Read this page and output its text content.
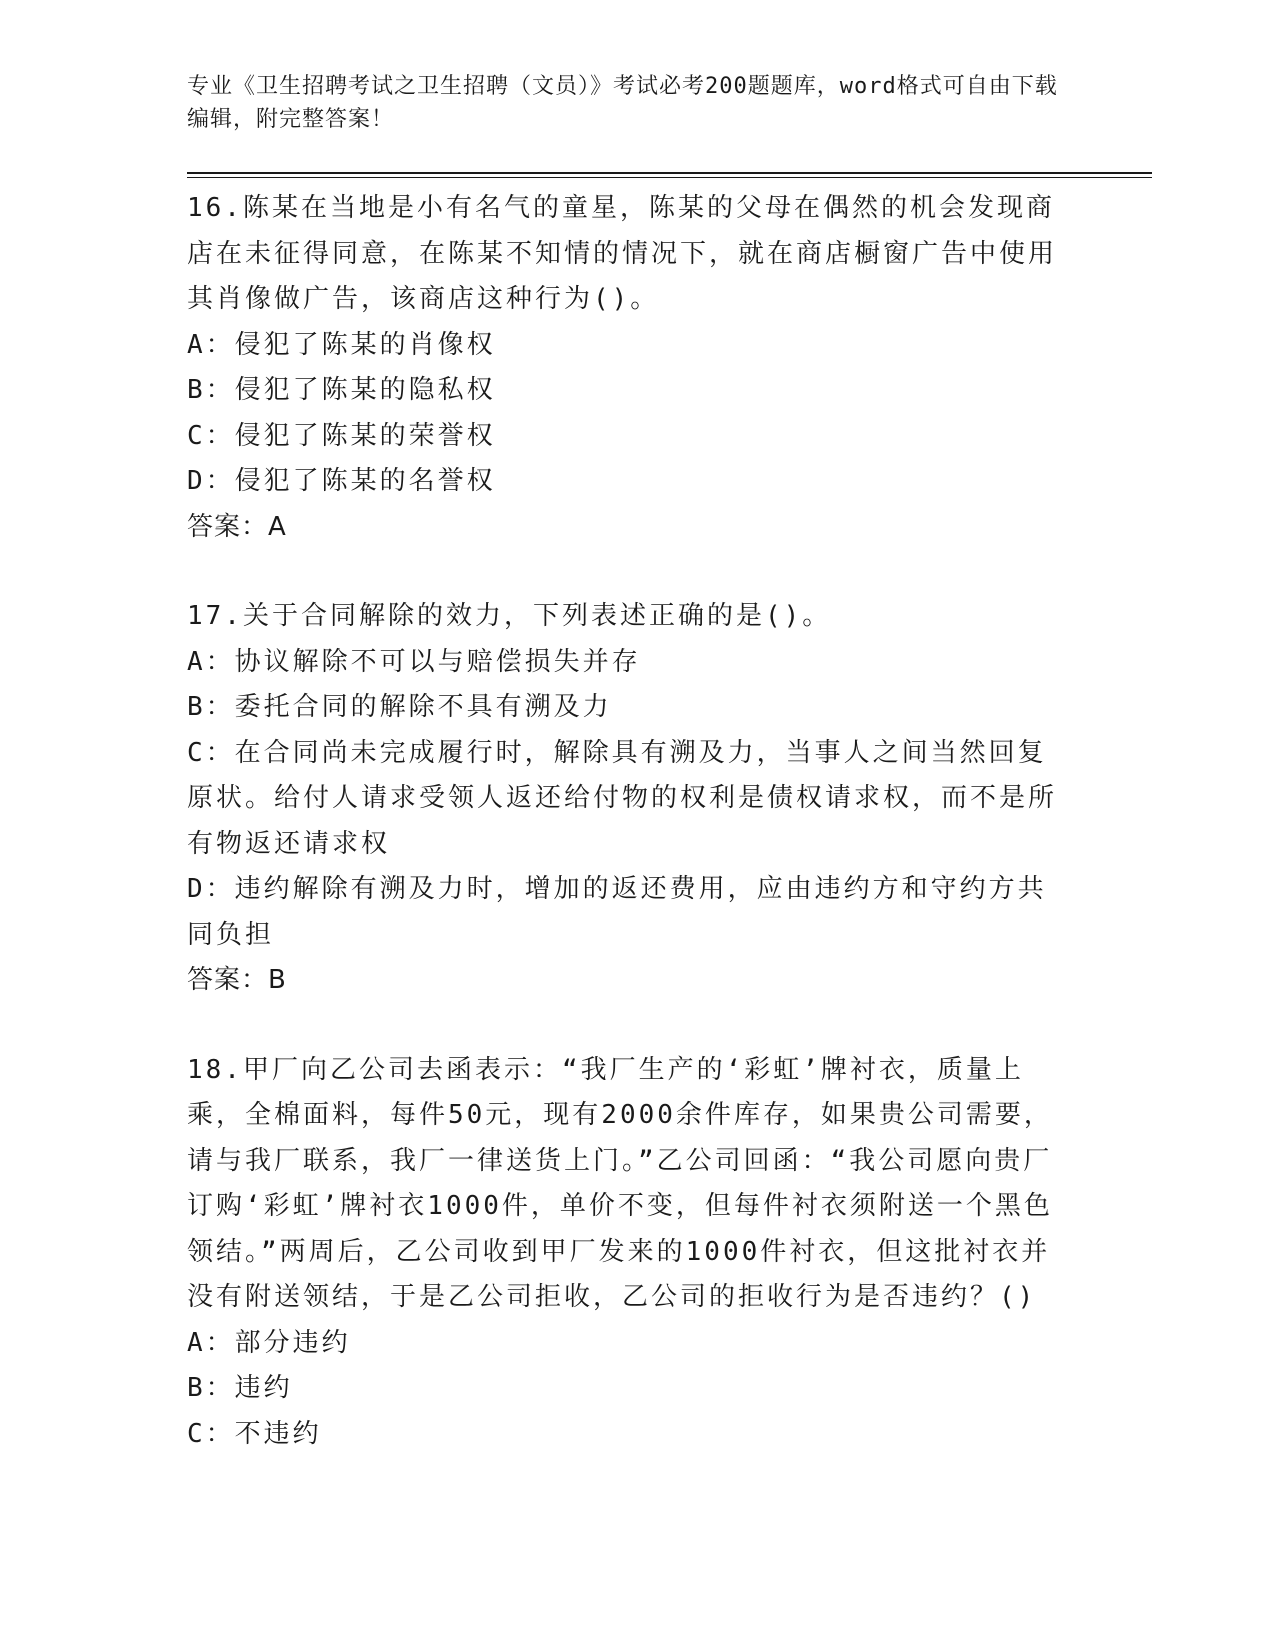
专业《卫生招聘考试之卫生招聘（文员）》考试必考200题题库，word格式可自由下载编辑，附完整答案！

16.陈某在当地是小有名气的童星，陈某的父母在偶然的机会发现商店在未征得同意，在陈某不知情的情况下，就在商店橱窗广告中使用其肖像做广告，该商店这种行为()。

A：侵犯了陈某的肖像权

B：侵犯了陈某的隐私权

C：侵犯了陈某的荣誉权

D：侵犯了陈某的名誉权

答案：A

17.关于合同解除的效力，下列表述正确的是()。

A：协议解除不可以与赔偿损失并存

B：委托合同的解除不具有溯及力

C：在合同尚未完成履行时，解除具有溯及力，当事人之间当然回复原状。给付人请求受领人返还给付物的权利是债权请求权，而不是所有物返还请求权

D：违约解除有溯及力时，增加的返还费用，应由违约方和守约方共同负担

答案：B

18.甲厂向乙公司去函表示：“我厂生产的‘彩虹’牌衬衣，质量上乘，全棉面料，每件50元，现有2000余件库存，如果贵公司需要，请与我厂联系，我厂一律送货上门。”乙公司回函：“我公司愿向贵厂订购‘彩虹’牌衬衣1000件，单价不变，但每件衬衣须附送一个黑色领结。”两周后，乙公司收到甲厂发来的1000件衬衣，但这批衬衣并没有附送领结，于是乙公司拒收，乙公司的拒收行为是否违约？()

A：部分违约

B：违约

C：不违约
